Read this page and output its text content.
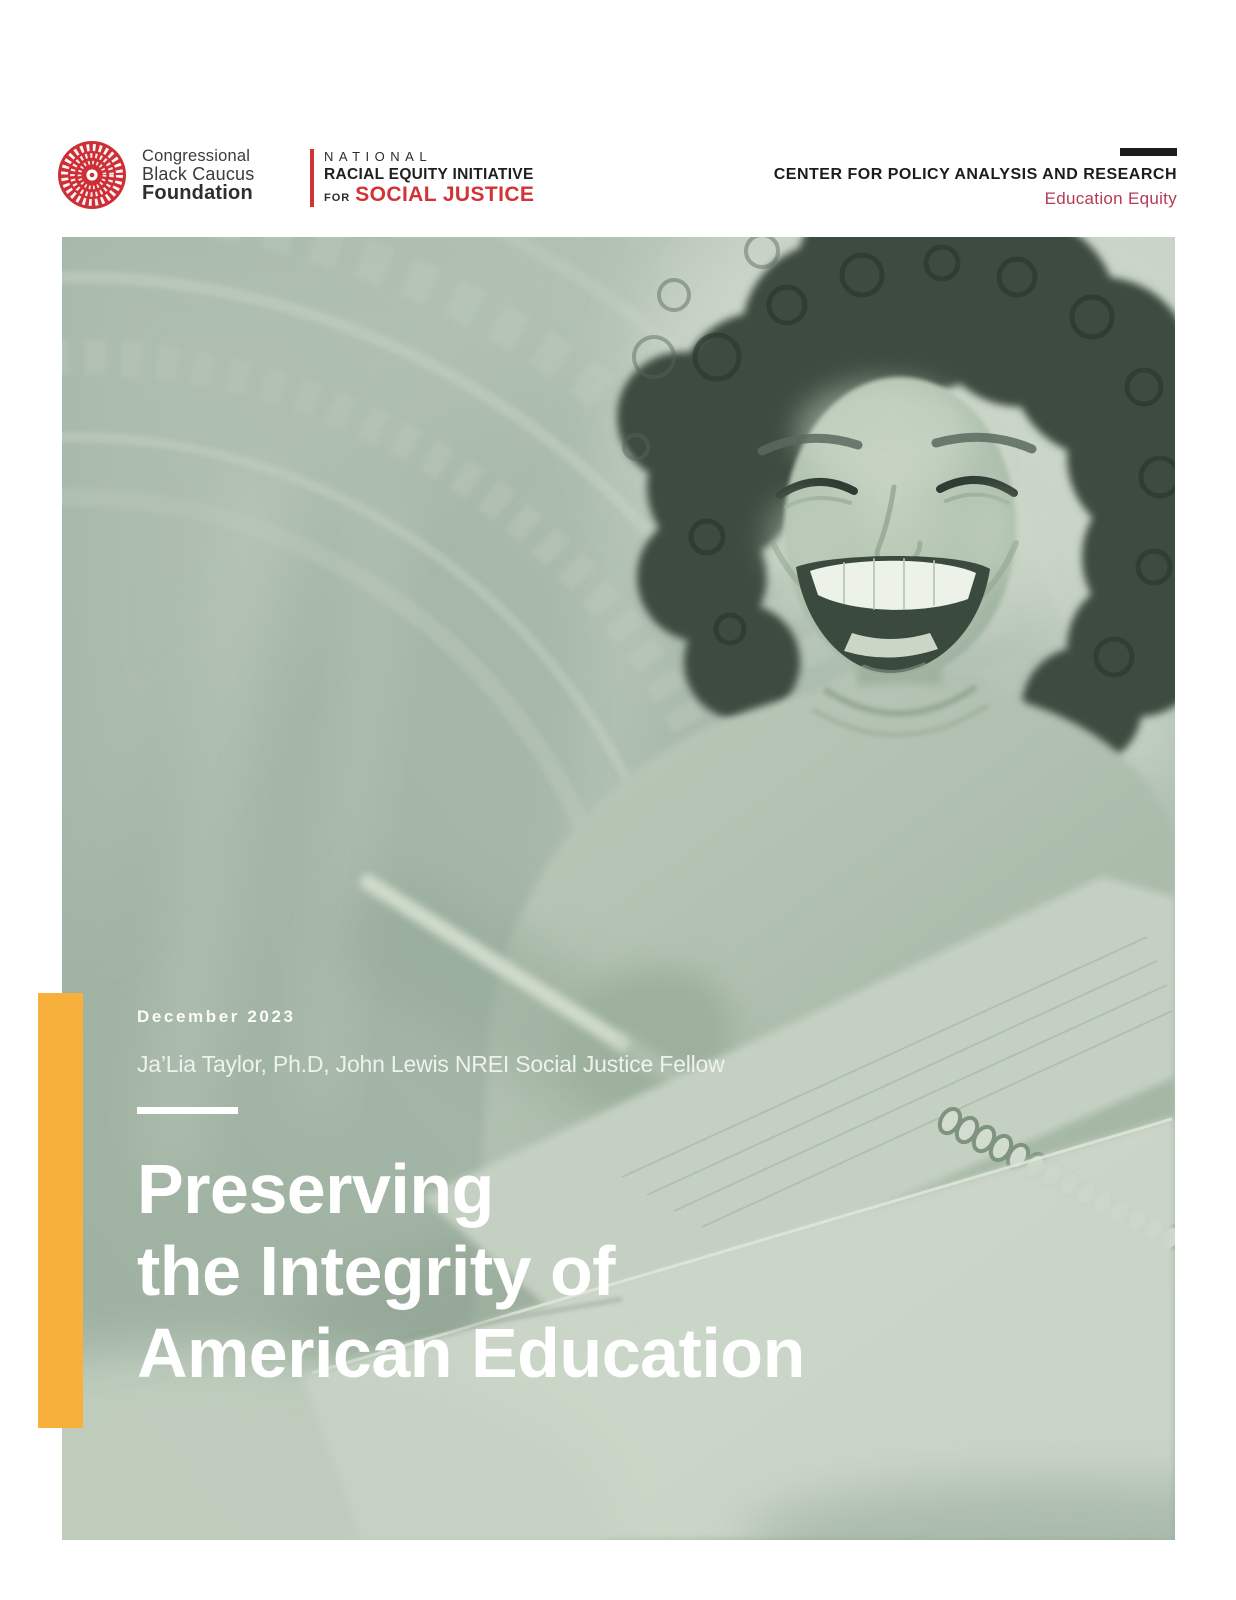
Congressional
Black Caucus
Foundation
NATIONAL
RACIAL EQUITY INITIATIVE
FOR SOCIAL JUSTICE
CENTER FOR POLICY ANALYSIS AND RESEARCH
Education Equity
December 2023
Ja’Lia Taylor, Ph.D, John Lewis NREI Social Justice Fellow
Preserving
the Integrity of
American Education
